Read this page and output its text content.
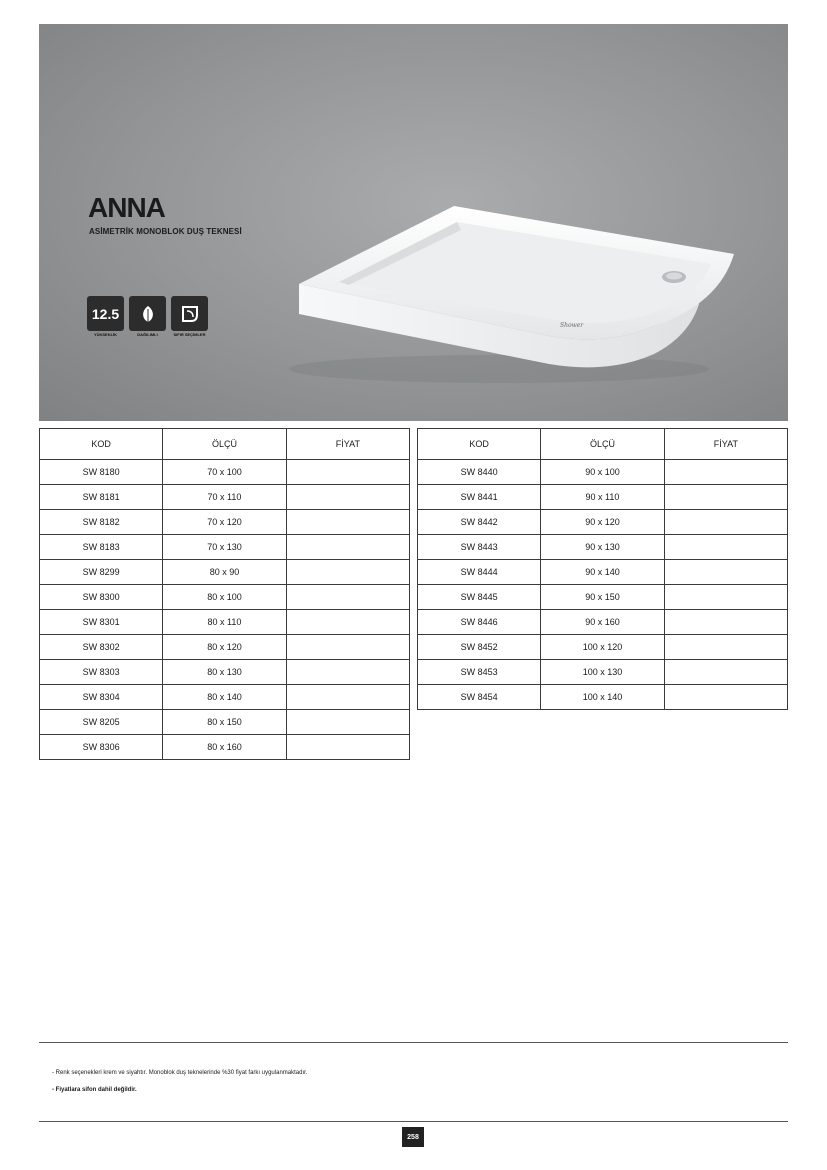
Shower
ANNA
ASİMETRİK MONOBLOK DUŞ TEKNESİ
12.5
YÜKSEKLİK	DAĞILIMLI	SIFIR SEÇİMLER
KOD	ÖLÇÜ	FİYAT
SW 8180	70 x 100	
SW 8181	70 x 110	
SW 8182	70 x 120	
SW 8183	70 x 130	
SW 8299	80 x 90	
SW 8300	80 x 100	
SW 8301	80 x 110	
SW 8302	80 x 120	
SW 8303	80 x 130	
SW 8304	80 x 140	
SW 8205	80 x 150	
SW 8306	80 x 160	
KOD	ÖLÇÜ	FİYAT
SW 8440	90 x 100	
SW 8441	90 x 110	
SW 8442	90 x 120	
SW 8443	90 x 130	
SW 8444	90 x 140	
SW 8445	90 x 150	
SW 8446	90 x 160	
SW 8452	100 x 120	
SW 8453	100 x 130	
SW 8454	100 x 140	
- Renk seçenekleri krem ve siyahtır. Monoblok duş teknelerinde %30 fiyat farkı uygulanmaktadır.
- Fiyatlara sifon dahil değildir.
258
